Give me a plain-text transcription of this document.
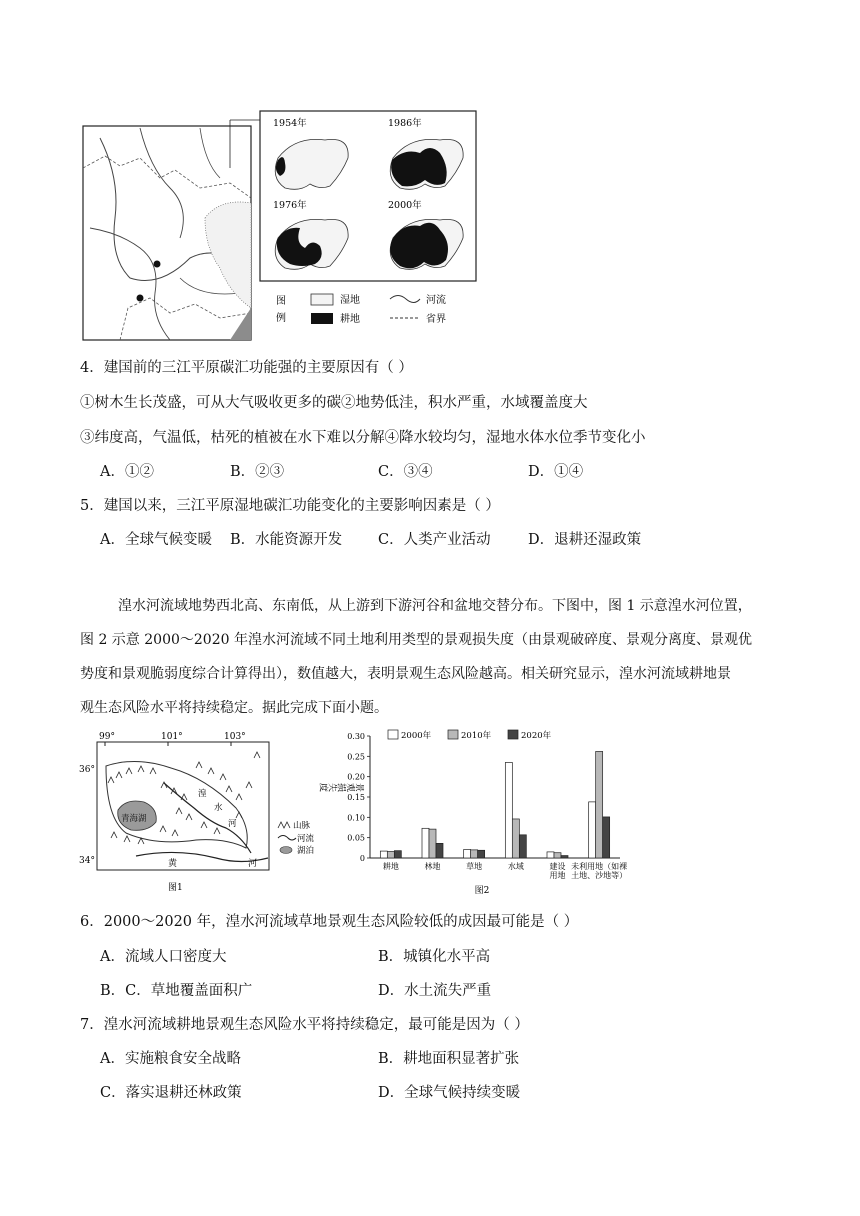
1954年	1986年
1976年	2000年
图
例
湿地
耕地
河流
省界
4．建国前的三江平原碳汇功能强的主要原因有（ ）
①树木生长茂盛，可从大气吸收更多的碳②地势低洼，积水严重，水域覆盖度大
③纬度高，气温低，枯死的植被在水下难以分解④降水较均匀，湿地水体水位季节变化小
A．①②	B．②③	C．③④	D．①④
5．建国以来，三江平原湿地碳汇功能变化的主要影响因素是（ ）
A．全球气候变暖 B．水能资源开发 C．人类产业活动	D．退耕还湿政策
湟水河流域地势西北高、东南低，从上游到下游河谷和盆地交替分布。下图中，图 1 示意湟水河位置，
图 2 示意 2000～2020 年湟水河流域不同土地利用类型的景观损失度（由景观破碎度、景观分离度、景观优
势度和景观脆弱度综合计算得出），数值越大，表明景观生态风险越高。相关研究显示，湟水河流域耕地景
观生态风险水平将持续稳定。据此完成下面小题。
99°	101°	103°
36°
34°
青海湖
湟
水
河
黄	河
山脉
河流
湖泊
图1
2000年	2010年	2020年
景观损失度
0
0.05
0.10
0.15
0.20
0.25
0.30
耕地	林地	草地	水域	建设
用地
未利用地（如裸
土地、沙地等）
图2
6．2000～2020 年，湟水河流域草地景观生态风险较低的成因最可能是（ ）
A．流域人口密度大	B．城镇化水平高
B．C．草地覆盖面积广	D．水土流失严重
7．湟水河流域耕地景观生态风险水平将持续稳定，最可能是因为（ ）
A．实施粮食安全战略	B．耕地面积显著扩张
C．落实退耕还林政策	D．全球气候持续变暖
